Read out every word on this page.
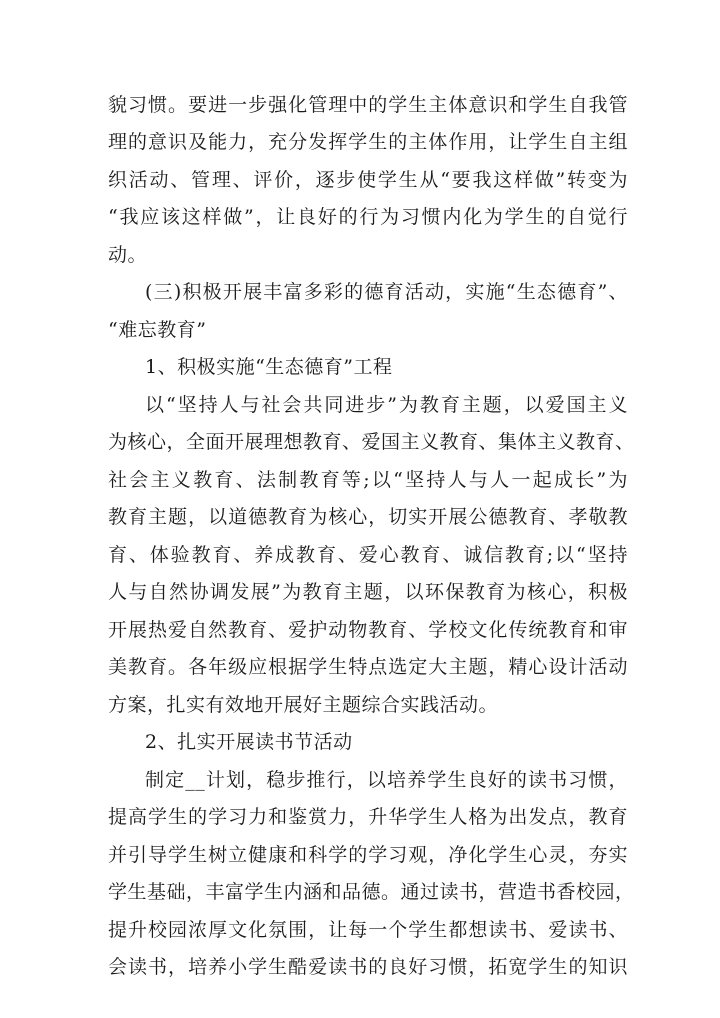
貌习惯。要进一步强化管理中的学生主体意识和学生自我管
理的意识及能力，充分发挥学生的主体作用，让学生自主组
织活动、管理、评价，逐步使学生从“要我这样做”转变为
“我应该这样做”，让良好的行为习惯内化为学生的自觉行
动。
(三)积极开展丰富多彩的德育活动，实施“生态德育”、
“难忘教育”
1、积极实施“生态德育”工程
以“坚持人与社会共同进步”为教育主题，以爱国主义
为核心，全面开展理想教育、爱国主义教育、集体主义教育、
社会主义教育、法制教育等;以“坚持人与人一起成长”为
教育主题，以道德教育为核心，切实开展公德教育、孝敬教
育、体验教育、养成教育、爱心教育、诚信教育;以“坚持
人与自然协调发展”为教育主题，以环保教育为核心，积极
开展热爱自然教育、爱护动物教育、学校文化传统教育和审
美教育。各年级应根据学生特点选定大主题，精心设计活动
方案，扎实有效地开展好主题综合实践活动。
2、扎实开展读书节活动
制定__计划，稳步推行，以培养学生良好的读书习惯，
提高学生的学习力和鉴赏力，升华学生人格为出发点，教育
并引导学生树立健康和科学的学习观，净化学生心灵，夯实
学生基础，丰富学生内涵和品德。通过读书，营造书香校园，
提升校园浓厚文化氛围，让每一个学生都想读书、爱读书、
会读书，培养小学生酷爱读书的良好习惯，拓宽学生的知识
